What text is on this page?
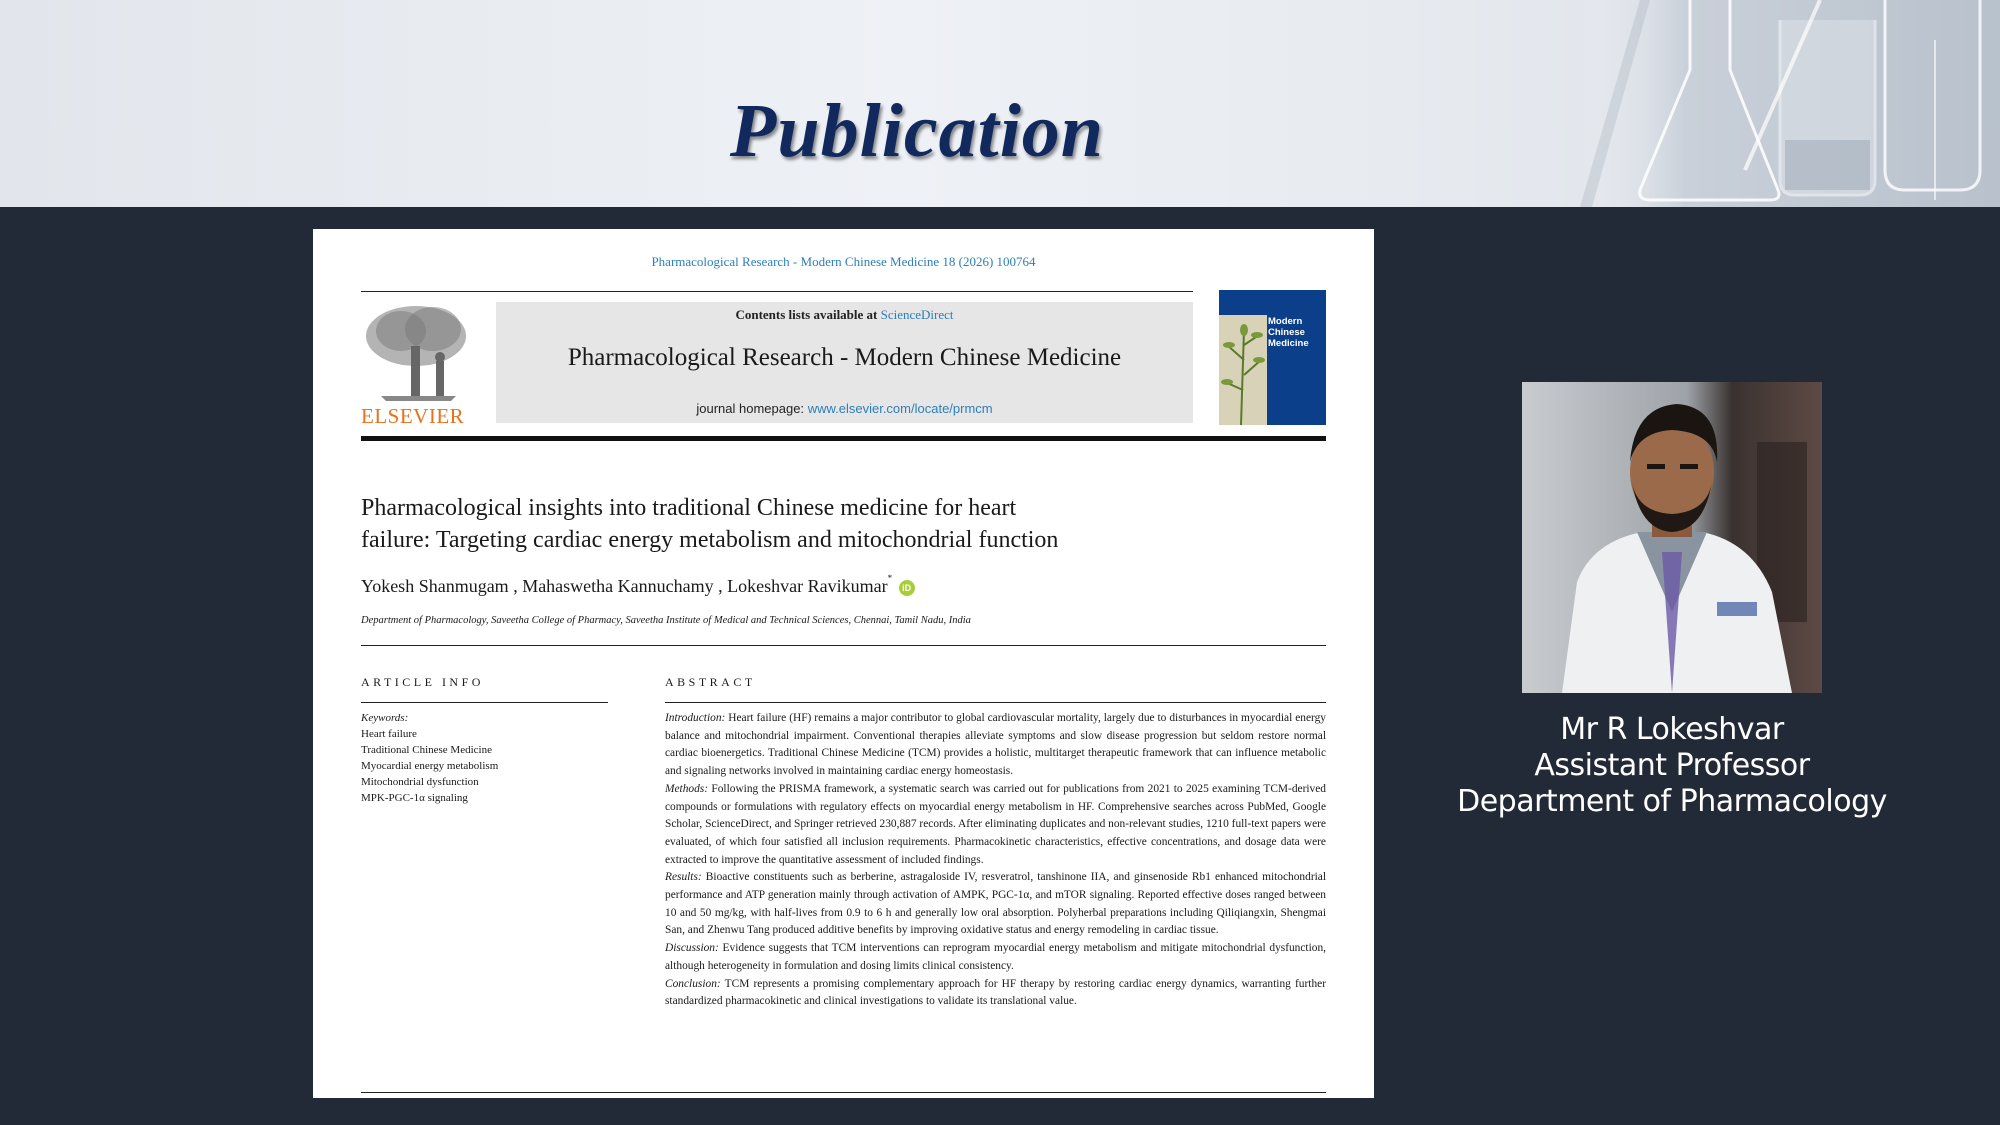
Publication
Pharmacological Research - Modern Chinese Medicine 18 (2026) 100764
ELSEVIER
Contents lists available at ScienceDirect
Pharmacological Research - Modern Chinese Medicine
journal homepage: www.elsevier.com/locate/prmcm
Modern
Chinese
Medicine
Pharmacological insights into traditional Chinese medicine for heart
failure: Targeting cardiac energy metabolism and mitochondrial function
Yokesh Shanmugam , Mahaswetha Kannuchamy , Lokeshvar Ravikumar* iD
Department of Pharmacology, Saveetha College of Pharmacy, Saveetha Institute of Medical and Technical Sciences, Chennai, Tamil Nadu, India
ARTICLE INFO	ABSTRACT
Keywords:
Heart failure
Traditional Chinese Medicine
Myocardial energy metabolism
Mitochondrial dysfunction
MPK-PGC-1α signaling

Introduction: Heart failure (HF) remains a major contributor to global cardiovascular mortality, largely due to disturbances in myocardial energy balance and mitochondrial impairment. Conventional therapies alleviate symptoms and slow disease progression but seldom restore normal cardiac bioenergetics. Traditional Chinese Medicine (TCM) provides a holistic, multitarget therapeutic framework that can influence metabolic and signaling networks involved in maintaining cardiac energy homeostasis.

Methods: Following the PRISMA framework, a systematic search was carried out for publications from 2021 to 2025 examining TCM-derived compounds or formulations with regulatory effects on myocardial energy metabolism in HF. Comprehensive searches across PubMed, Google Scholar, ScienceDirect, and Springer retrieved 230,887 records. After eliminating duplicates and non-relevant studies, 1210 full-text papers were evaluated, of which four satisfied all inclusion requirements. Pharmacokinetic characteristics, effective concentrations, and dosage data were extracted to improve the quantitative assessment of included findings.

Results: Bioactive constituents such as berberine, astragaloside IV, resveratrol, tanshinone IIA, and ginsenoside Rb1 enhanced mitochondrial performance and ATP generation mainly through activation of AMPK, PGC-1α, and mTOR signaling. Reported effective doses ranged between 10 and 50 mg/kg, with half-lives from 0.9 to 6 h and generally low oral absorption. Polyherbal preparations including Qiliqiangxin, Shengmai San, and Zhenwu Tang produced additive benefits by improving oxidative status and energy remodeling in cardiac tissue.

Discussion: Evidence suggests that TCM interventions can reprogram myocardial energy metabolism and mitigate mitochondrial dysfunction, although heterogeneity in formulation and dosing limits clinical consistency.

Conclusion: TCM represents a promising complementary approach for HF therapy by restoring cardiac energy dynamics, warranting further standardized pharmacokinetic and clinical investigations to validate its translational value.

Mr R Lokeshvar
Assistant Professor
Department of Pharmacology
